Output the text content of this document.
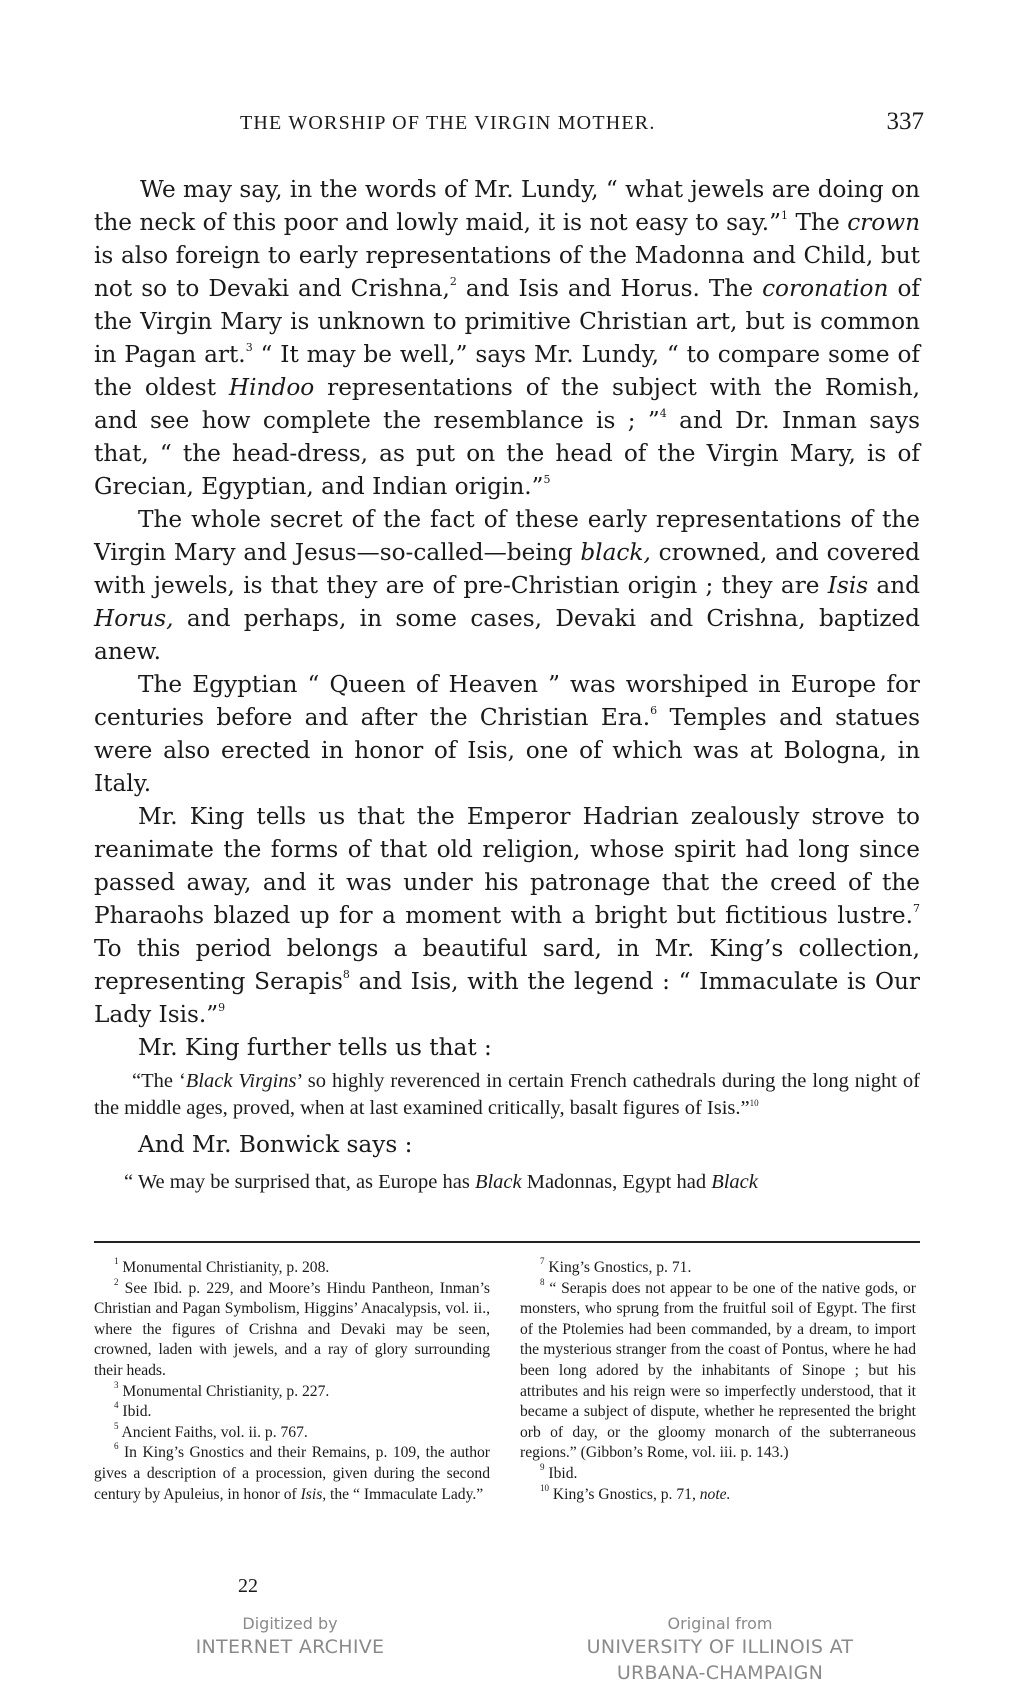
THE WORSHIP OF THE VIRGIN MOTHER.	337

We may say, in the words of Mr. Lundy, “ what jewels are doing on the neck of this poor and lowly maid, it is not easy to say.”$^1$ The crown is also foreign to early representations of the Madonna and Child, but not so to Devaki and Crishna,$^2$ and Isis and Horus. The coronation of the Virgin Mary is unknown to primitive Christian art, but is common in Pagan art.$^3$ “ It may be well,” says Mr. Lundy, “ to compare some of the oldest Hindoo representations of the subject with the Romish, and see how complete the resemblance is ; ”$^4$ and Dr. Inman says that, “ the head-dress, as put on the head of the Virgin Mary, is of Grecian, Egyptian, and Indian origin.”$^5$

The whole secret of the fact of these early representations of the Virgin Mary and Jesus—so-called—being black, crowned, and covered with jewels, is that they are of pre-Christian origin ; they are Isis and Horus, and perhaps, in some cases, Devaki and Crishna, baptized anew.

The Egyptian “ Queen of Heaven ” was worshiped in Europe for centuries before and after the Christian Era.$^6$ Temples and statues were also erected in honor of Isis, one of which was at Bologna, in Italy.

Mr. King tells us that the Emperor Hadrian zealously strove to reanimate the forms of that old religion, whose spirit had long since passed away, and it was under his patronage that the creed of the Pharaohs blazed up for a moment with a bright but fictitious lustre.$^7$ To this period belongs a beautiful sard, in Mr. King’s collection, representing Serapis$^8$ and Isis, with the legend : “ Immaculate is Our Lady Isis.”$^9$

Mr. King further tells us that :

“The ‘Black Virgins’ so highly reverenced in certain French cathedrals during the long night of the middle ages, proved, when at last examined critically, basalt figures of Isis.”$^{10}$

And Mr. Bonwick says :

“ We may be surprised that, as Europe has Black Madonnas, Egypt had Black

$^1$ Monumental Christianity, p. 208.

$^2$ See Ibid. p. 229, and Moore’s Hindu Pantheon, Inman’s Christian and Pagan Symbolism, Higgins’ Anacalypsis, vol. ii., where the figures of Crishna and Devaki may be seen, crowned, laden with jewels, and a ray of glory surrounding their heads.

$^3$ Monumental Christianity, p. 227.

$^4$ Ibid.

$^5$ Ancient Faiths, vol. ii. p. 767.

$^6$ In King’s Gnostics and their Remains, p. 109, the author gives a description of a procession, given during the second century by Apuleius, in honor of Isis, the “ Immaculate Lady.”

$^7$ King’s Gnostics, p. 71.

$^8$ “ Serapis does not appear to be one of the native gods, or monsters, who sprung from the fruitful soil of Egypt. The first of the Ptolemies had been commanded, by a dream, to import the mysterious stranger from the coast of Pontus, where he had been long adored by the inhabitants of Sinope ; but his attributes and his reign were so imperfectly understood, that it became a subject of dispute, whether he represented the bright orb of day, or the gloomy monarch of the subterraneous regions.” (Gibbon’s Rome, vol. iii. p. 143.)

$^9$ Ibid.

$^{10}$ King’s Gnostics, p. 71, note.

22
Digitized by
INTERNET ARCHIVE
Original from
UNIVERSITY OF ILLINOIS AT
URBANA-CHAMPAIGN
